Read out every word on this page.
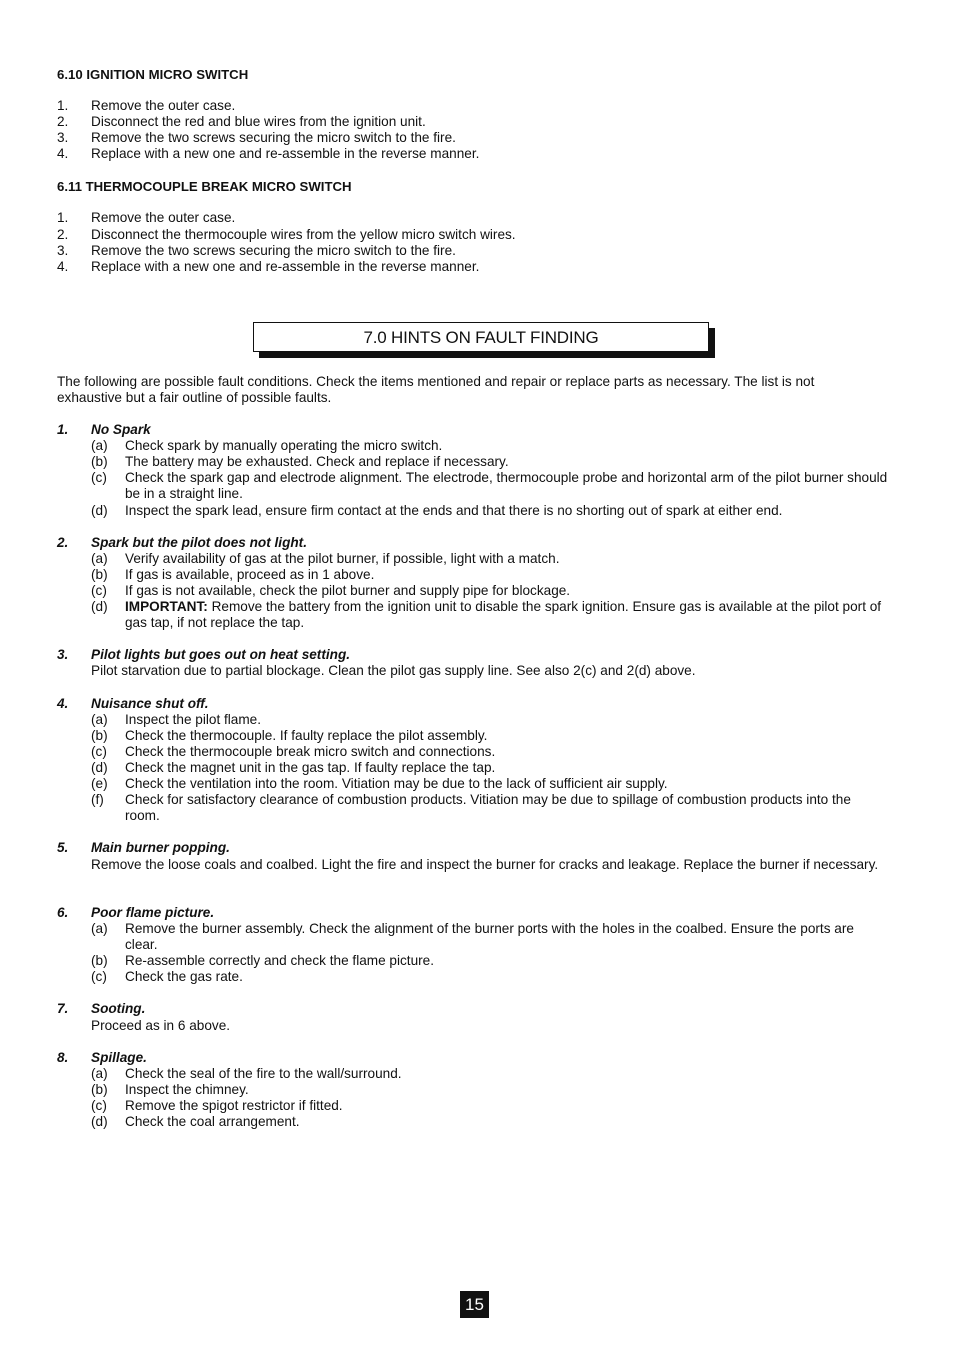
6.10 IGNITION MICRO SWITCH
1. Remove the outer case.
2. Disconnect the red and blue wires from the ignition unit.
3. Remove the two screws securing the micro switch to the fire.
4. Replace with a new one and re-assemble in the reverse manner.
6.11 THERMOCOUPLE BREAK MICRO SWITCH
1. Remove the outer case.
2. Disconnect the thermocouple wires from the yellow micro switch wires.
3. Remove the two screws securing the micro switch to the fire.
4. Replace with a new one and re-assemble in the reverse manner.
7.0 HINTS ON FAULT FINDING
The following are possible fault conditions. Check the items mentioned and repair or replace parts as necessary. The list is not exhaustive but a fair outline of possible faults.
1. No Spark
(a) Check spark by manually operating the micro switch.
(b) The battery may be exhausted. Check and replace if necessary.
(c) Check the spark gap and electrode alignment. The electrode, thermocouple probe and horizontal arm of the pilot burner should be in a straight line.
(d) Inspect the spark lead, ensure firm contact at the ends and that there is no shorting out of spark at either end.
2. Spark but the pilot does not light.
(a) Verify availability of gas at the pilot burner, if possible, light with a match.
(b) If gas is available, proceed as in 1 above.
(c) If gas is not available, check the pilot burner and supply pipe for blockage.
(d) IMPORTANT: Remove the battery from the ignition unit to disable the spark ignition. Ensure gas is available at the pilot port of gas tap, if not replace the tap.
3. Pilot lights but goes out on heat setting.
Pilot starvation due to partial blockage. Clean the pilot gas supply line. See also 2(c) and 2(d) above.
4. Nuisance shut off.
(a) Inspect the pilot flame.
(b) Check the thermocouple. If faulty replace the pilot assembly.
(c) Check the thermocouple break micro switch and connections.
(d) Check the magnet unit in the gas tap. If faulty replace the tap.
(e) Check the ventilation into the room. Vitiation may be due to the lack of sufficient air supply.
(f) Check for satisfactory clearance of combustion products. Vitiation may be due to spillage of combustion products into the room.
5. Main burner popping.
Remove the loose coals and coalbed. Light the fire and inspect the burner for cracks and leakage. Replace the burner if necessary.
6. Poor flame picture.
(a) Remove the burner assembly. Check the alignment of the burner ports with the holes in the coalbed. Ensure the ports are clear.
(b) Re-assemble correctly and check the flame picture.
(c) Check the gas rate.
7. Sooting.
Proceed as in 6 above.
8. Spillage.
(a) Check the seal of the fire to the wall/surround.
(b) Inspect the chimney.
(c) Remove the spigot restrictor if fitted.
(d) Check the coal arrangement.
15
